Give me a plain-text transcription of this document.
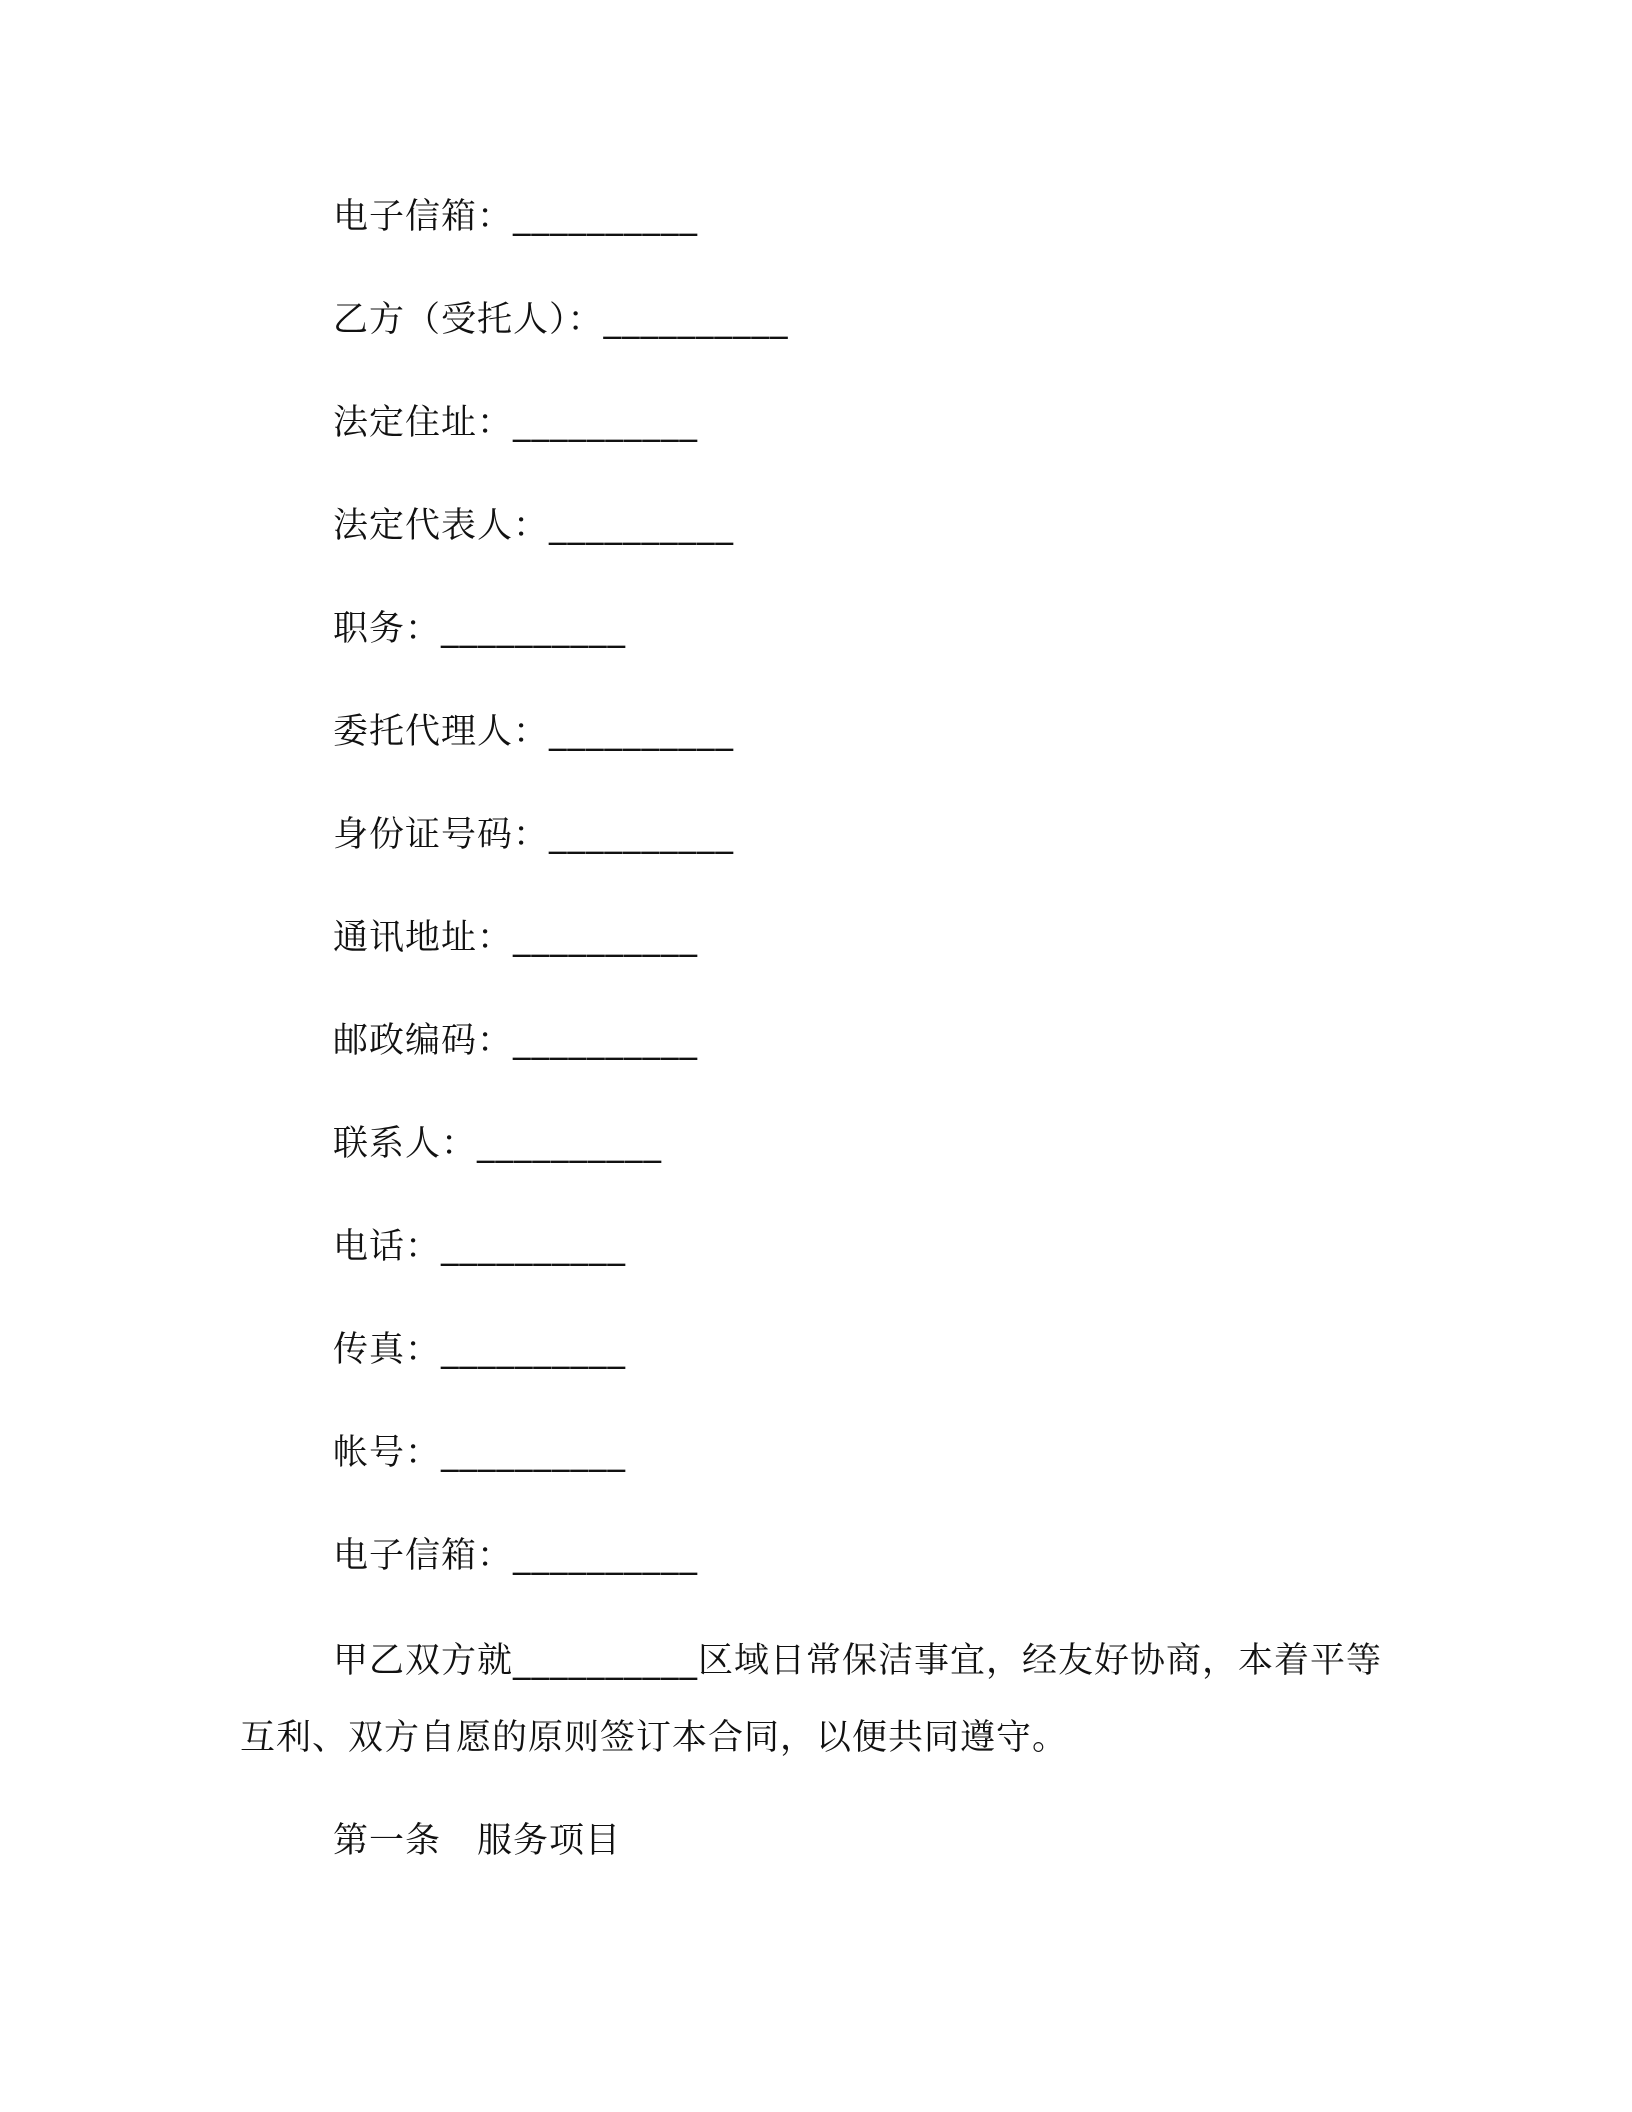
电子信箱：__________
乙方（受托人）：__________
法定住址：__________
法定代表人：__________
职务：__________
委托代理人：__________
身份证号码：__________
通讯地址：__________
邮政编码：__________
联系人：__________
电话：__________
传真：__________
帐号：__________
电子信箱：__________
甲乙双方就__________区域日常保洁事宜，经友好协商，本着平等互利、双方自愿的原则签订本合同，以便共同遵守。
第一条 服务项目
